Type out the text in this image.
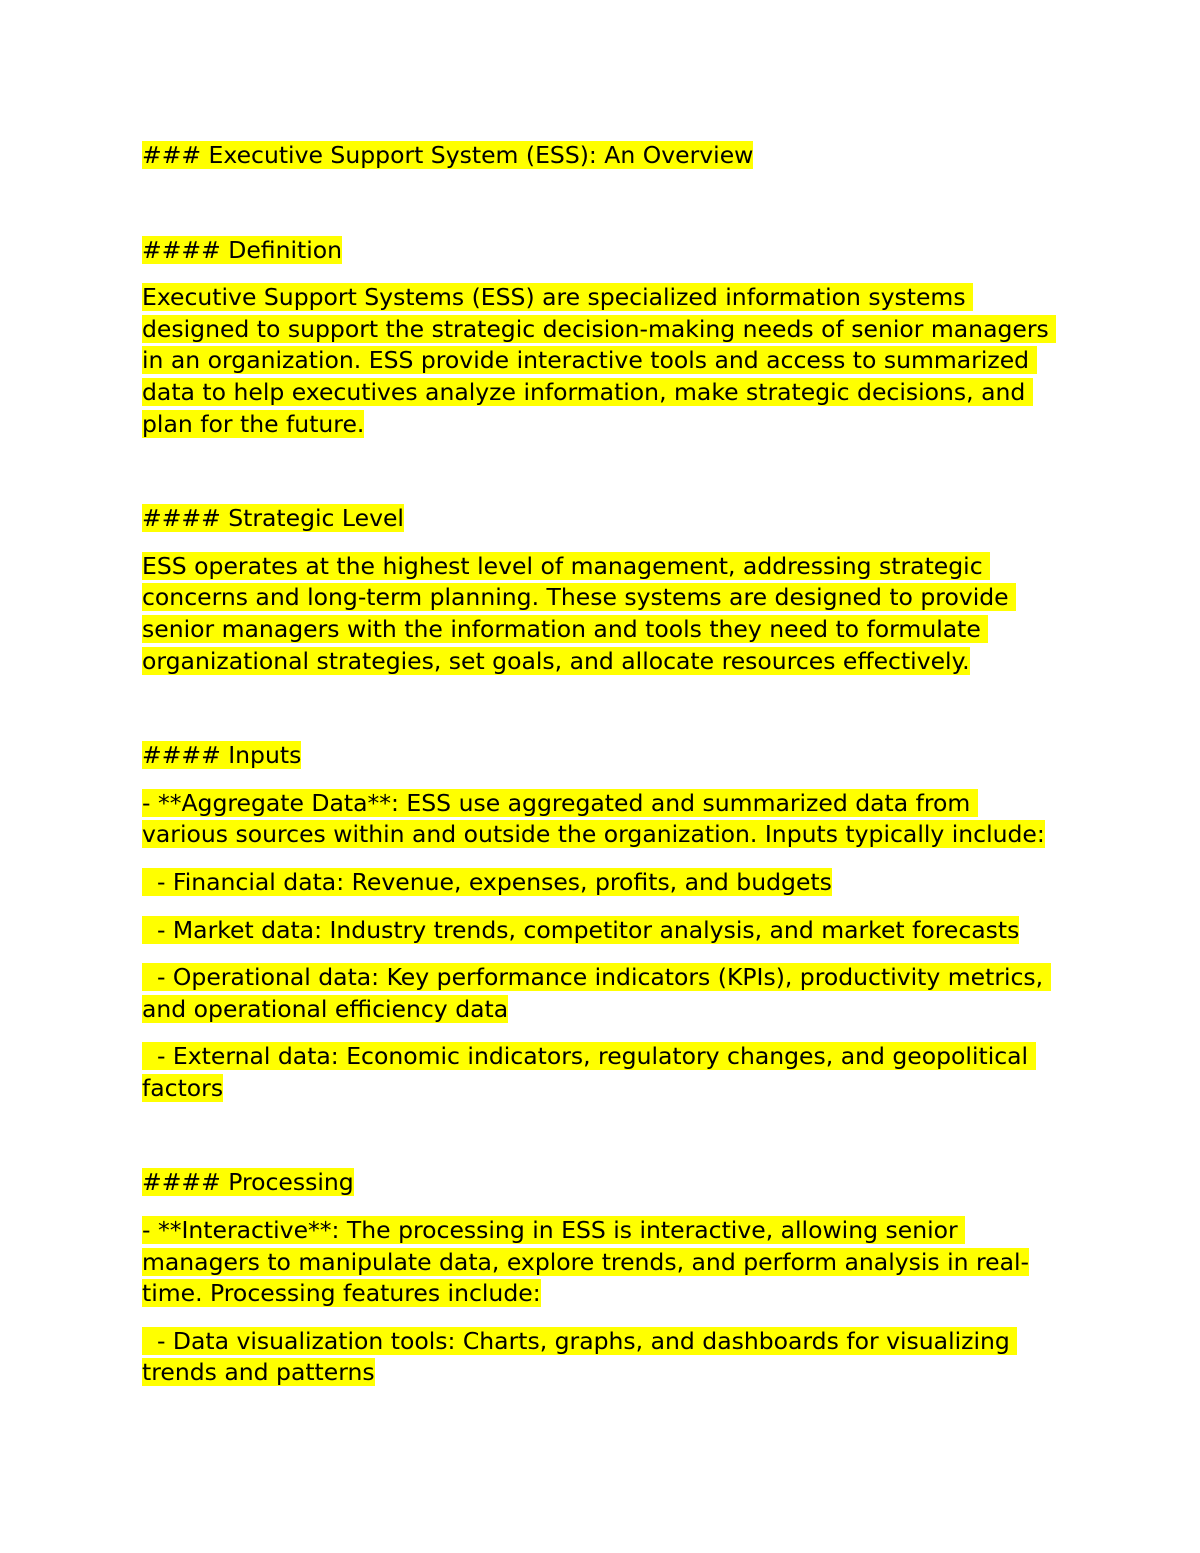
### Executive Support System (ESS): An Overview

#### Definition

Executive Support Systems (ESS) are specialized information systems designed to support the strategic decision-making needs of senior managers in an organization. ESS provide interactive tools and access to summarized data to help executives analyze information, make strategic decisions, and plan for the future.

#### Strategic Level

ESS operates at the highest level of management, addressing strategic concerns and long-term planning. These systems are designed to provide senior managers with the information and tools they need to formulate organizational strategies, set goals, and allocate resources effectively.

#### Inputs

- **Aggregate Data**: ESS use aggregated and summarized data from various sources within and outside the organization. Inputs typically include:

- Financial data: Revenue, expenses, profits, and budgets

- Market data: Industry trends, competitor analysis, and market forecasts

- Operational data: Key performance indicators (KPIs), productivity metrics, and operational efficiency data

- External data: Economic indicators, regulatory changes, and geopolitical factors

#### Processing

- **Interactive**: The processing in ESS is interactive, allowing senior managers to manipulate data, explore trends, and perform analysis in real-time. Processing features include:

- Data visualization tools: Charts, graphs, and dashboards for visualizing trends and patterns
